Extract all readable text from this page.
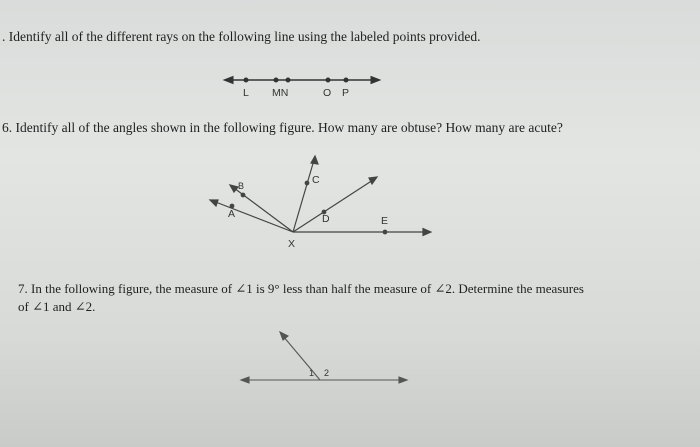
. Identify all of the different rays on the following line using the labeled points provided.
L MN	O P
6. Identify all of the angles shown in the following figure. How many are obtuse? How many are acute?
B	C
A	D	E
X
7. In the following figure, the measure of ∠1 is 9° less than half the measure of ∠2. Determine the measures
of ∠1 and ∠2.
1 2
